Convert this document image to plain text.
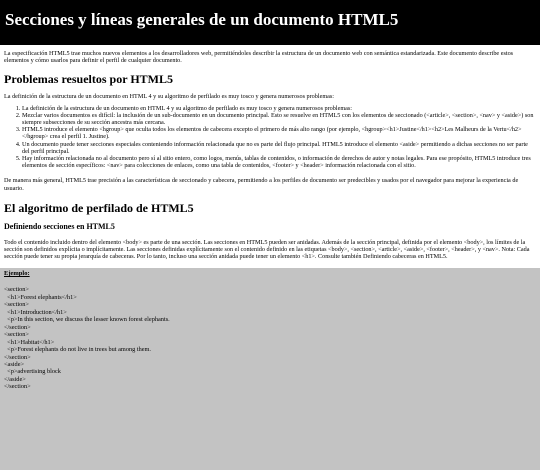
Secciones y líneas generales de un documento HTML5

La especificación HTML5 trae muchos nuevos elementos a los desarrolladores web, permitiéndoles describir la estructura de un documento web con semántica estandarizada. Este documento describe estos elementos y cómo usarlos para definir el perfil de cualquier documento.

Problemas resueltos por HTML5

La definición de la estructura de un documento en HTML 4 y su algoritmo de perfilado es muy tosco y genera numerosos problemas:

1. La definición de la estructura de un documento en HTML 4 y su algoritmo de perfilado es muy tosco y genera numerosos problemas:
2. Mezclar varios documentos es difícil: la inclusión de un sub-documento en un documento principal. Esto se resuelve en HTML5 con los elementos de seccionado (<article>, <section>, <nav> y <aside>) son siempre subsecciones de su sección ancestra más cercana.
3. HTML5 introduce el elemento <hgroup> que oculta todos los elementos de cabecera excepto el primero de más alto rango (por ejemplo, <hgroup><h1>Justine</h1><h2>Les Malheurs de la Vertu</h2></hgroup> crea el perfil 1. Justine).
4. Un documento puede tener secciones especiales conteniendo información relacionada que no es parte del flujo principal. HTML5 introduce el elemento <aside> permitiendo a dichas secciones no ser parte del perfil principal.
5. Hay información relacionada no al documento pero sí al sitio entero, como logos, menús, tablas de contenidos, o información de derechos de autor y notas legales. Para ese propósito, HTML5 introduce tres elementos de sección específicos: <nav> para colecciones de enlaces, como una tabla de contenidos, <footer> y <header> información relacionada con el sitio.

De manera más general, HTML5 trae precisión a las características de seccionado y cabecera, permitiendo a los perfiles de documento ser predecibles y usados por el navegador para mejorar la experiencia de usuario.

El algoritmo de perfilado de HTML5
Definiendo secciones en HTML5

Todo el contenido incluido dentro del elemento <body> es parte de una sección. Las secciones en HTML5 pueden ser anidadas. Además de la sección principal, definida por el elemento <body>, los límites de la sección son definidos explícita o implícitamente. Las secciones definidas explícitamente son el contenido definido en las etiquetas <body>, <section>, <article>, <aside>, <footer>, <header>, y <nav>. Nota: Cada sección puede tener su propia jerarquía de cabeceras. Por lo tanto, incluso una sección anidada puede tener un elemento <h1>. Consulte también Definiendo cabeceras en HTML5.

Ejemplo:
<section>
<h1>Forest elephants</h1>
<section>
<h1>Introduction</h1>
<p>In this section, we discuss the lesser known forest elephants.
</section>
<section>
<h1>Habitat</h1>
<p>Forest elephants do not live in trees but among them.
</section>
<aside>
<p>advertising block
</aside>
</section>
